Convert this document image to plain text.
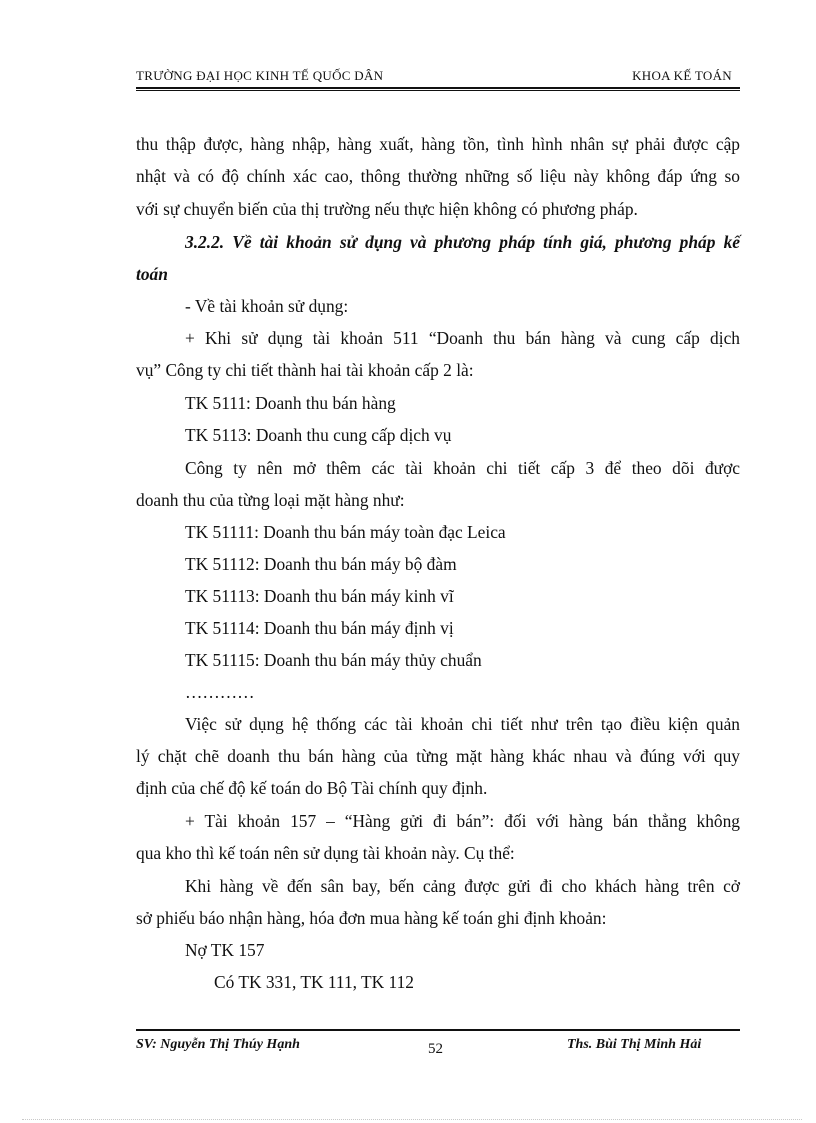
TRƯỜNG ĐẠI HỌC KINH TẾ QUỐC DÂN	KHOA KẾ TOÁN
thu thập được, hàng nhập, hàng xuất, hàng tồn, tình hình nhân sự phải được cập
nhật và có độ chính xác cao, thông thường những số liệu này không đáp ứng so
với sự chuyển biến của thị trường nếu thực hiện không có phương pháp.
3.2.2. Về tài khoản sử dụng và phương pháp tính giá, phương pháp kế
toán
- Về tài khoản sử dụng:
+ Khi sử dụng tài khoản 511 “Doanh thu bán hàng và cung cấp dịch
vụ” Công ty chi tiết thành hai tài khoản cấp 2 là:
TK 5111: Doanh thu bán hàng
TK 5113: Doanh thu cung cấp dịch vụ
Công ty nên mở thêm các tài khoản chi tiết cấp 3 để theo dõi được
doanh thu của từng loại mặt hàng như:
TK 51111: Doanh thu bán máy toàn đạc Leica
TK 51112: Doanh thu bán máy bộ đàm
TK 51113: Doanh thu bán máy kinh vĩ
TK 51114: Doanh thu bán máy định vị
TK 51115: Doanh thu bán máy thủy chuẩn
…………
Việc sử dụng hệ thống các tài khoản chi tiết như trên tạo điều kiện quản
lý chặt chẽ doanh thu bán hàng của từng mặt hàng khác nhau và đúng với quy
định của chế độ kế toán do Bộ Tài chính quy định.
+ Tài khoản 157 – “Hàng gửi đi bán”: đối với hàng bán thẳng không
qua kho thì kế toán nên sử dụng tài khoản này. Cụ thể:
Khi hàng về đến sân bay, bến cảng được gửi đi cho khách hàng trên cở
sở phiếu báo nhận hàng, hóa đơn mua hàng kế toán ghi định khoản:
Nợ TK 157
Có TK 331, TK 111, TK 112
SV: Nguyễn Thị Thúy Hạnh	52	Ths. Bùi Thị Minh Hải
